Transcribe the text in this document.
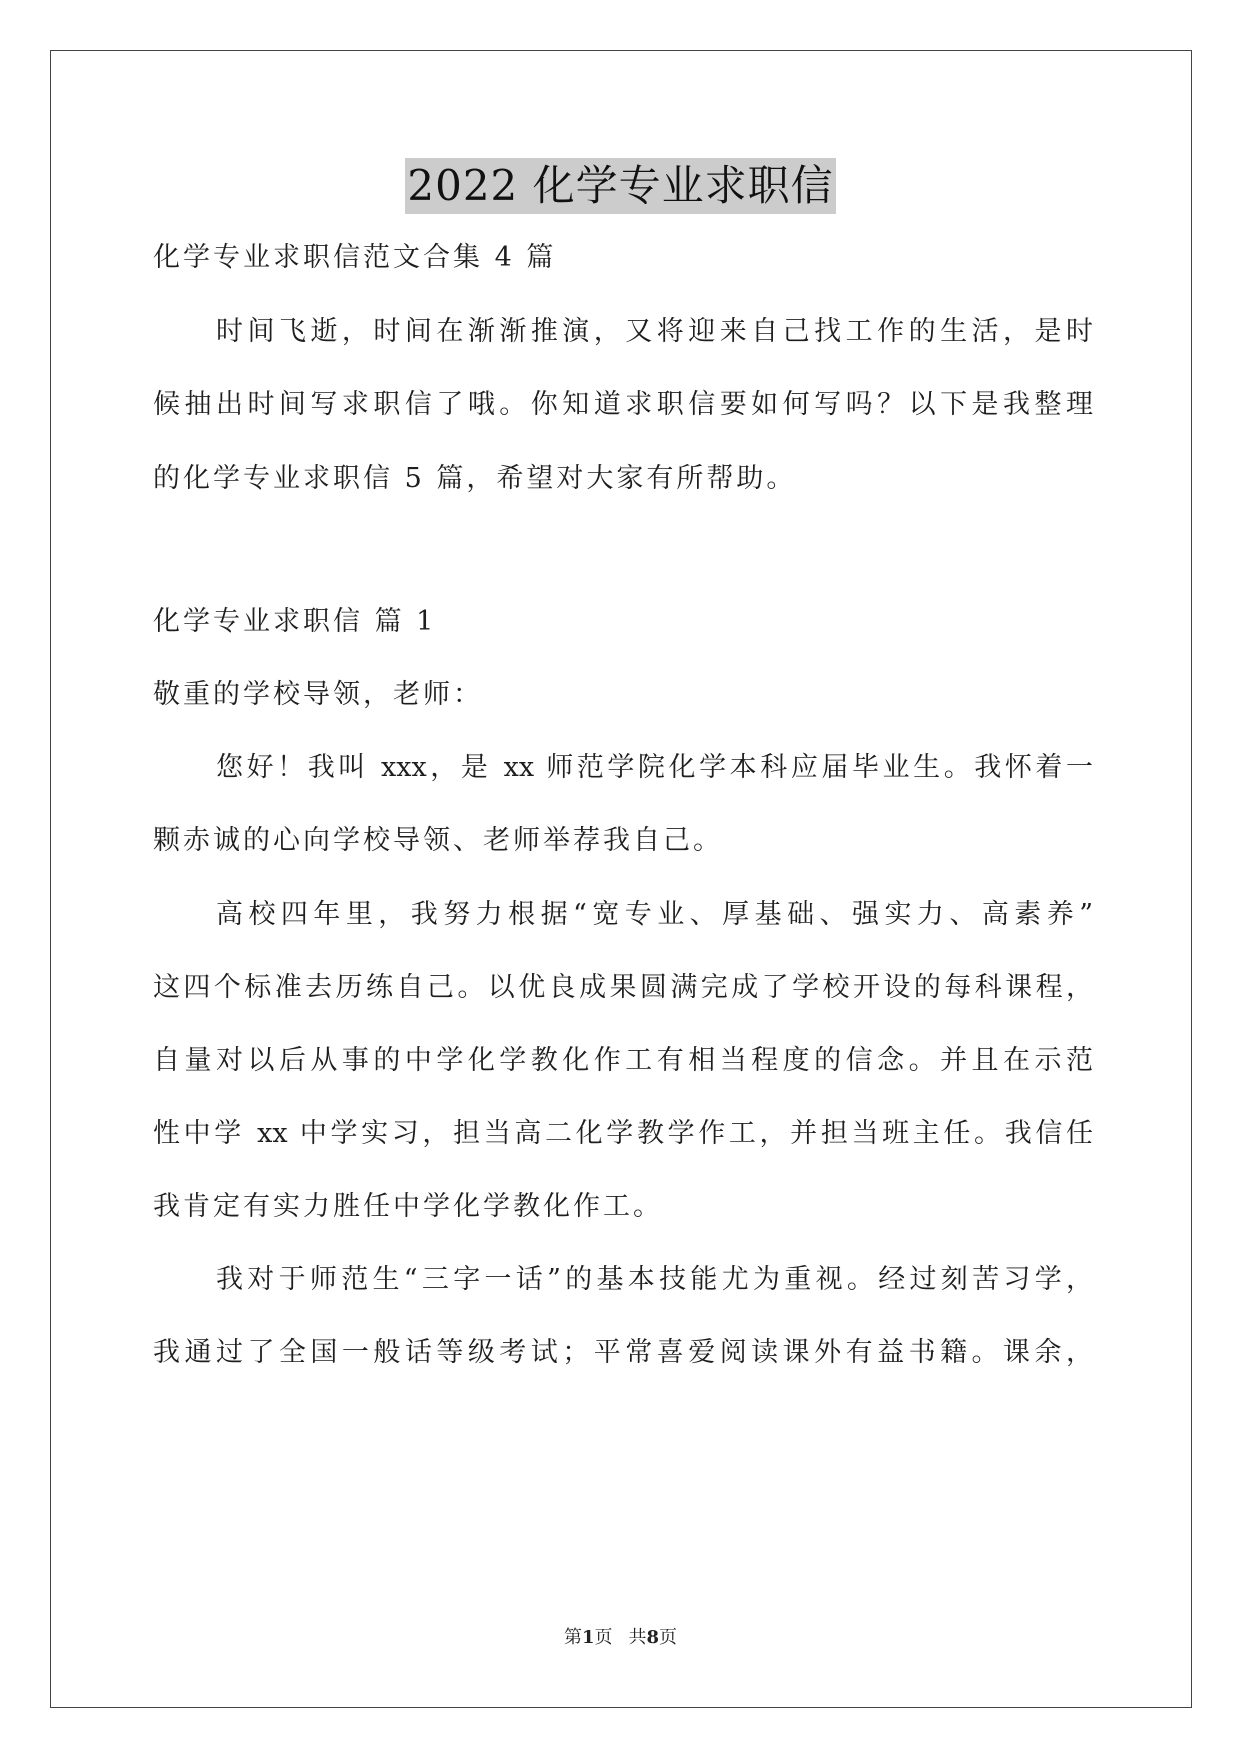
2022 化学专业求职信
化学专业求职信范文合集 4 篇
时间飞逝，时间在渐渐推演，又将迎来自己找工作的生活，是时
候抽出时间写求职信了哦。你知道求职信要如何写吗？以下是我整理
的化学专业求职信 5 篇，希望对大家有所帮助。
化学专业求职信 篇 1
敬重的学校导领，老师：
您好！我叫 xxx，是 xx 师范学院化学本科应届毕业生。我怀着一
颗赤诚的心向学校导领、老师举荐我自己。
高校四年里，我努力根据“宽专业、厚基础、强实力、高素养”
这四个标准去历练自己。以优良成果圆满完成了学校开设的每科课程，
自量对以后从事的中学化学教化作工有相当程度的信念。并且在示范
性中学 xx 中学实习，担当高二化学教学作工，并担当班主任。我信任
我肯定有实力胜任中学化学教化作工。
我对于师范生“三字一话”的基本技能尤为重视。经过刻苦习学，
我通过了全国一般话等级考试；平常喜爱阅读课外有益书籍。课余，
第1页 共8页
